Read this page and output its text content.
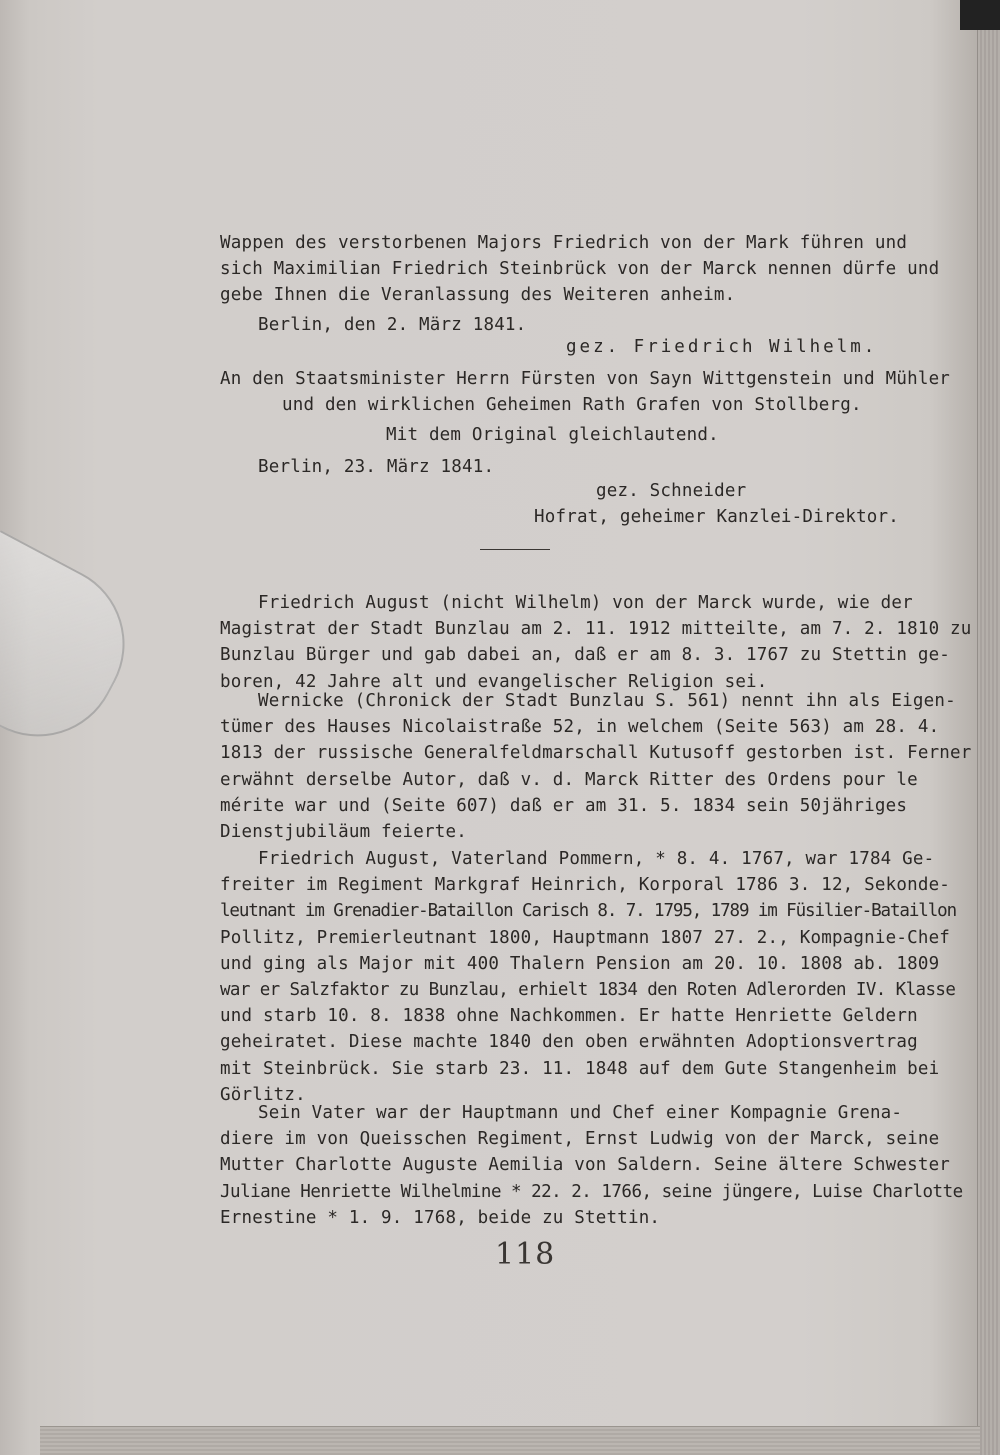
Wappen des verstorbenen Majors Friedrich von der Mark führen und
sich Maximilian Friedrich Steinbrück von der Marck nennen dürfe und
gebe Ihnen die Veranlassung des Weiteren anheim.
Berlin, den 2. März 1841.
gez. Friedrich Wilhelm.
An den Staatsminister Herrn Fürsten von Sayn Wittgenstein und Mühler
und den wirklichen Geheimen Rath Grafen von Stollberg.
Mit dem Original gleichlautend.
Berlin, 23. März 1841.
gez. Schneider
Hofrat, geheimer Kanzlei-Direktor.
Friedrich August (nicht Wilhelm) von der Marck wurde, wie der
Magistrat der Stadt Bunzlau am 2. 11. 1912 mitteilte, am 7. 2. 1810 zu
Bunzlau Bürger und gab dabei an, daß er am 8. 3. 1767 zu Stettin ge-
boren, 42 Jahre alt und evangelischer Religion sei.
Wernicke (Chronick der Stadt Bunzlau S. 561) nennt ihn als Eigen-
tümer des Hauses Nicolaistraße 52, in welchem (Seite 563) am 28. 4.
1813 der russische Generalfeldmarschall Kutusoff gestorben ist. Ferner
erwähnt derselbe Autor, daß v. d. Marck Ritter des Ordens pour le
mérite war und (Seite 607) daß er am 31. 5. 1834 sein 50jähriges
Dienstjubiläum feierte.
Friedrich August, Vaterland Pommern, * 8. 4. 1767, war 1784 Ge-
freiter im Regiment Markgraf Heinrich, Korporal 1786 3. 12, Sekonde-
leutnant im Grenadier-Bataillon Carisch 8. 7. 1795, 1789 im Füsilier-Bataillon
Pollitz, Premierleutnant 1800, Hauptmann 1807 27. 2., Kompagnie-Chef
und ging als Major mit 400 Thalern Pension am 20. 10. 1808 ab. 1809
war er Salzfaktor zu Bunzlau, erhielt 1834 den Roten Adlerorden IV. Klasse
und starb 10. 8. 1838 ohne Nachkommen. Er hatte Henriette Geldern
geheiratet. Diese machte 1840 den oben erwähnten Adoptionsvertrag
mit Steinbrück. Sie starb 23. 11. 1848 auf dem Gute Stangenheim bei
Görlitz.
Sein Vater war der Hauptmann und Chef einer Kompagnie Grena-
diere im von Queisschen Regiment, Ernst Ludwig von der Marck, seine
Mutter Charlotte Auguste Aemilia von Saldern. Seine ältere Schwester
Juliane Henriette Wilhelmine * 22. 2. 1766, seine jüngere, Luise Charlotte
Ernestine * 1. 9. 1768, beide zu Stettin.
118
